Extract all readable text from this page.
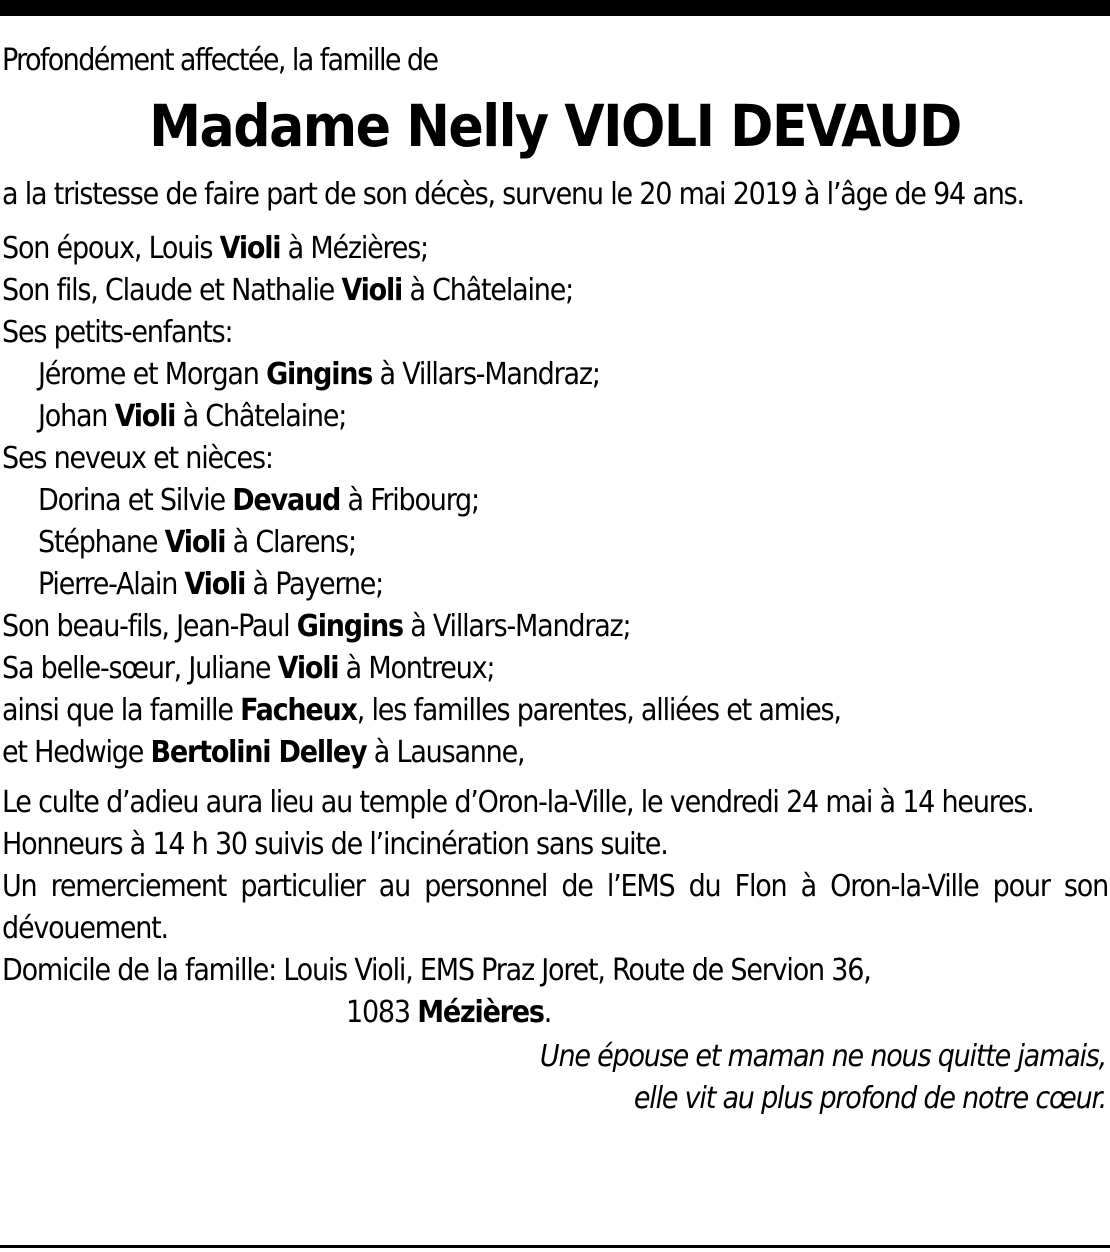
Profondément affectée, la famille de

Madame Nelly VIOLI DEVAUD

a la tristesse de faire part de son décès, survenu le 20 mai 2019 à l’âge de 94 ans.

Son époux, Louis Violi à Mézières;
Son fils, Claude et Nathalie Violi à Châtelaine;
Ses petits-enfants:
Jérome et Morgan Gingins à Villars-Mandraz;
Johan Violi à Châtelaine;
Ses neveux et nièces:
Dorina et Silvie Devaud à Fribourg;
Stéphane Violi à Clarens;
Pierre-Alain Violi à Payerne;
Son beau-fils, Jean-Paul Gingins à Villars-Mandraz;
Sa belle-sœur, Juliane Violi à Montreux;
ainsi que la famille Facheux, les familles parentes, alliées et amies,
et Hedwige Bertolini Delley à Lausanne,

Le culte d’adieu aura lieu au temple d’Oron-la-Ville, le vendredi 24 mai à 14 heures.

Honneurs à 14 h 30 suivis de l’incinération sans suite.

Un remerciement particulier au personnel de l’EMS du Flon à Oron-la-Ville pour son dévouement.

Domicile de la famille: Louis Violi, EMS Praz Joret, Route de Servion 36,
1083 Mézières.
Une épouse et maman ne nous quitte jamais,
elle vit au plus profond de notre cœur.
